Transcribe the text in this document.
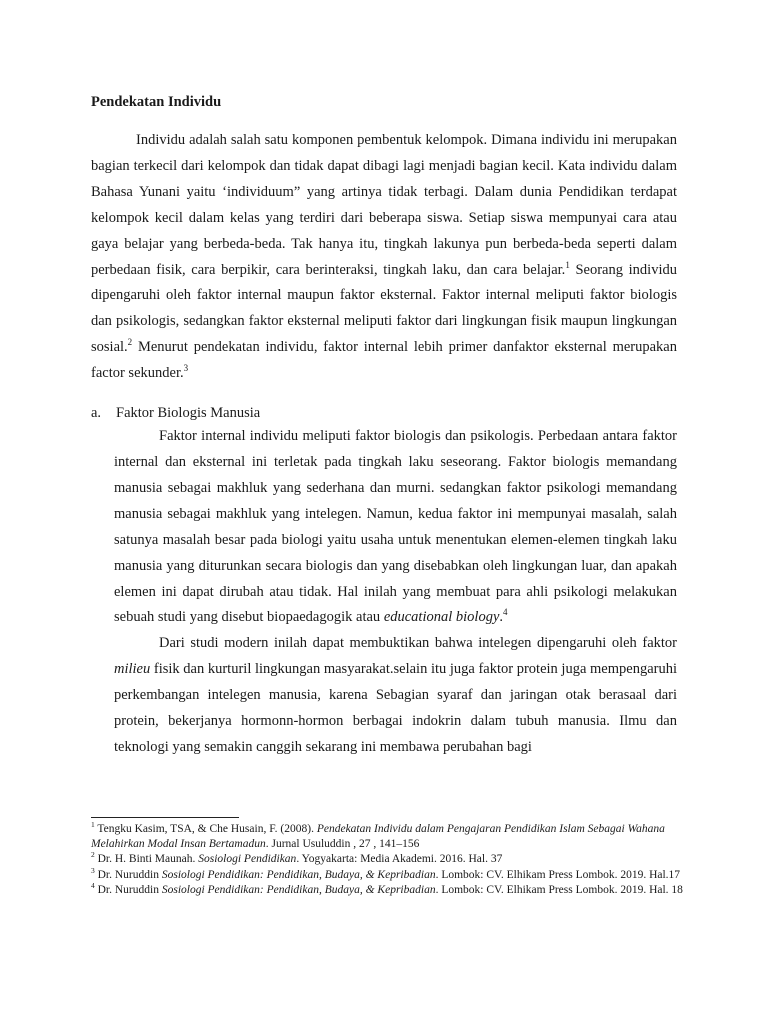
Pendekatan Individu

Individu adalah salah satu komponen pembentuk kelompok. Dimana individu ini merupakan bagian terkecil dari kelompok dan tidak dapat dibagi lagi menjadi bagian kecil. Kata individu dalam Bahasa Yunani yaitu ‘individuum” yang artinya tidak terbagi. Dalam dunia Pendidikan terdapat kelompok kecil dalam kelas yang terdiri dari beberapa siswa. Setiap siswa mempunyai cara atau gaya belajar yang berbeda-beda. Tak hanya itu, tingkah lakunya pun berbeda-beda seperti dalam perbedaan fisik, cara berpikir, cara berinteraksi, tingkah laku, dan cara belajar.$^1$ Seorang individu dipengaruhi oleh faktor internal maupun faktor eksternal. Faktor internal meliputi faktor biologis dan psikologis, sedangkan faktor eksternal meliputi faktor dari lingkungan fisik maupun lingkungan sosial.$^2$ Menurut pendekatan individu, faktor internal lebih primer danfaktor eksternal merupakan factor sekunder.$^3$

a.	Faktor Biologis Manusia

Faktor internal individu meliputi faktor biologis dan psikologis. Perbedaan antara faktor internal dan eksternal ini terletak pada tingkah laku seseorang. Faktor biologis memandang manusia sebagai makhluk yang sederhana dan murni. sedangkan faktor psikologi memandang manusia sebagai makhluk yang intelegen. Namun, kedua faktor ini mempunyai masalah, salah satunya masalah besar pada biologi yaitu usaha untuk menentukan elemen-elemen tingkah laku manusia yang diturunkan secara biologis dan yang disebabkan oleh lingkungan luar, dan apakah elemen ini dapat dirubah atau tidak. Hal inilah yang membuat para ahli psikologi melakukan sebuah studi yang disebut biopaedagogik atau educational biology.$^4$

Dari studi modern inilah dapat membuktikan bahwa intelegen dipengaruhi oleh faktor milieu fisik dan kurturil lingkungan masyarakat.selain itu juga faktor protein juga mempengaruhi perkembangan intelegen manusia, karena Sebagian syaraf dan jaringan otak berasaal dari protein, bekerjanya hormonn-hormon berbagai indokrin dalam tubuh manusia. Ilmu dan teknologi yang semakin canggih sekarang ini membawa perubahan bagi

$^1$ Tengku Kasim, TSA, & Che Husain, F. (2008). Pendekatan Individu dalam Pengajaran Pendidikan Islam Sebagai Wahana Melahirkan Modal Insan Bertamadun. Jurnal Usuluddin , 27 , 141–156

$^2$ Dr. H. Binti Maunah. Sosiologi Pendidikan. Yogyakarta: Media Akademi. 2016. Hal. 37

$^3$ Dr. Nuruddin Sosiologi Pendidikan: Pendidikan, Budaya, & Kepribadian. Lombok: CV. Elhikam Press Lombok. 2019. Hal.17

$^4$ Dr. Nuruddin Sosiologi Pendidikan: Pendidikan, Budaya, & Kepribadian. Lombok: CV. Elhikam Press Lombok. 2019. Hal. 18
